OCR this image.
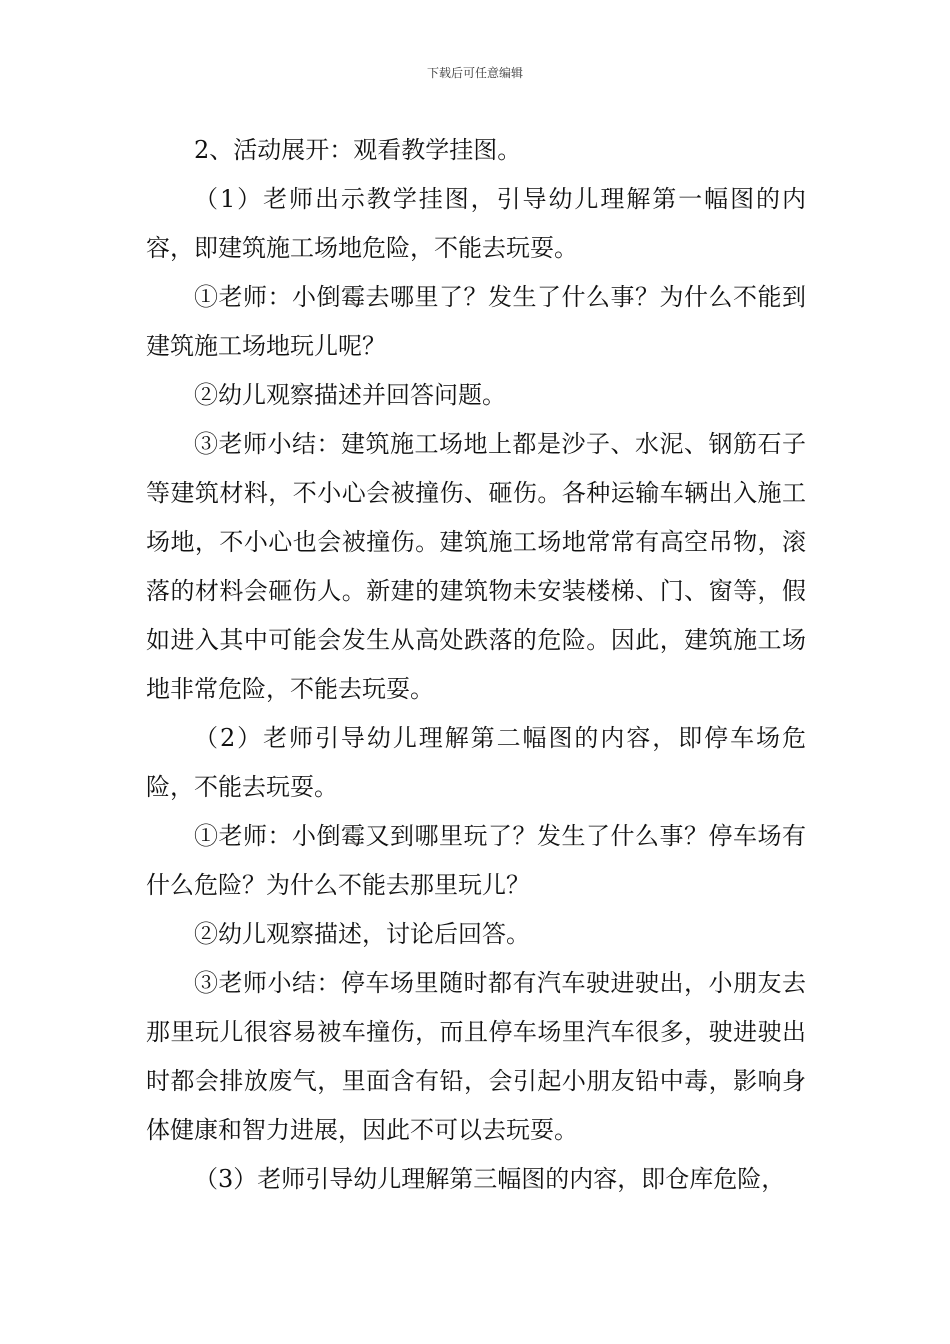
下载后可任意编辑

2、活动展开：观看教学挂图。

（1）老师出示教学挂图，引导幼儿理解第一幅图的内容，即建筑施工场地危险，不能去玩耍。

①老师：小倒霉去哪里了？发生了什么事？为什么不能到建筑施工场地玩儿呢？

②幼儿观察描述并回答问题。

③老师小结：建筑施工场地上都是沙子、水泥、钢筋石子等建筑材料，不小心会被撞伤、砸伤。各种运输车辆出入施工场地，不小心也会被撞伤。建筑施工场地常常有高空吊物，滚落的材料会砸伤人。新建的建筑物未安装楼梯、门、窗等，假如进入其中可能会发生从高处跌落的危险。因此，建筑施工场地非常危险，不能去玩耍。

（2）老师引导幼儿理解第二幅图的内容，即停车场危险，不能去玩耍。

①老师：小倒霉又到哪里玩了？发生了什么事？停车场有什么危险？为什么不能去那里玩儿？

②幼儿观察描述，讨论后回答。

③老师小结：停车场里随时都有汽车驶进驶出，小朋友去那里玩儿很容易被车撞伤，而且停车场里汽车很多，驶进驶出时都会排放废气，里面含有铅，会引起小朋友铅中毒，影响身体健康和智力进展，因此不可以去玩耍。

（3）老师引导幼儿理解第三幅图的内容，即仓库危险，
